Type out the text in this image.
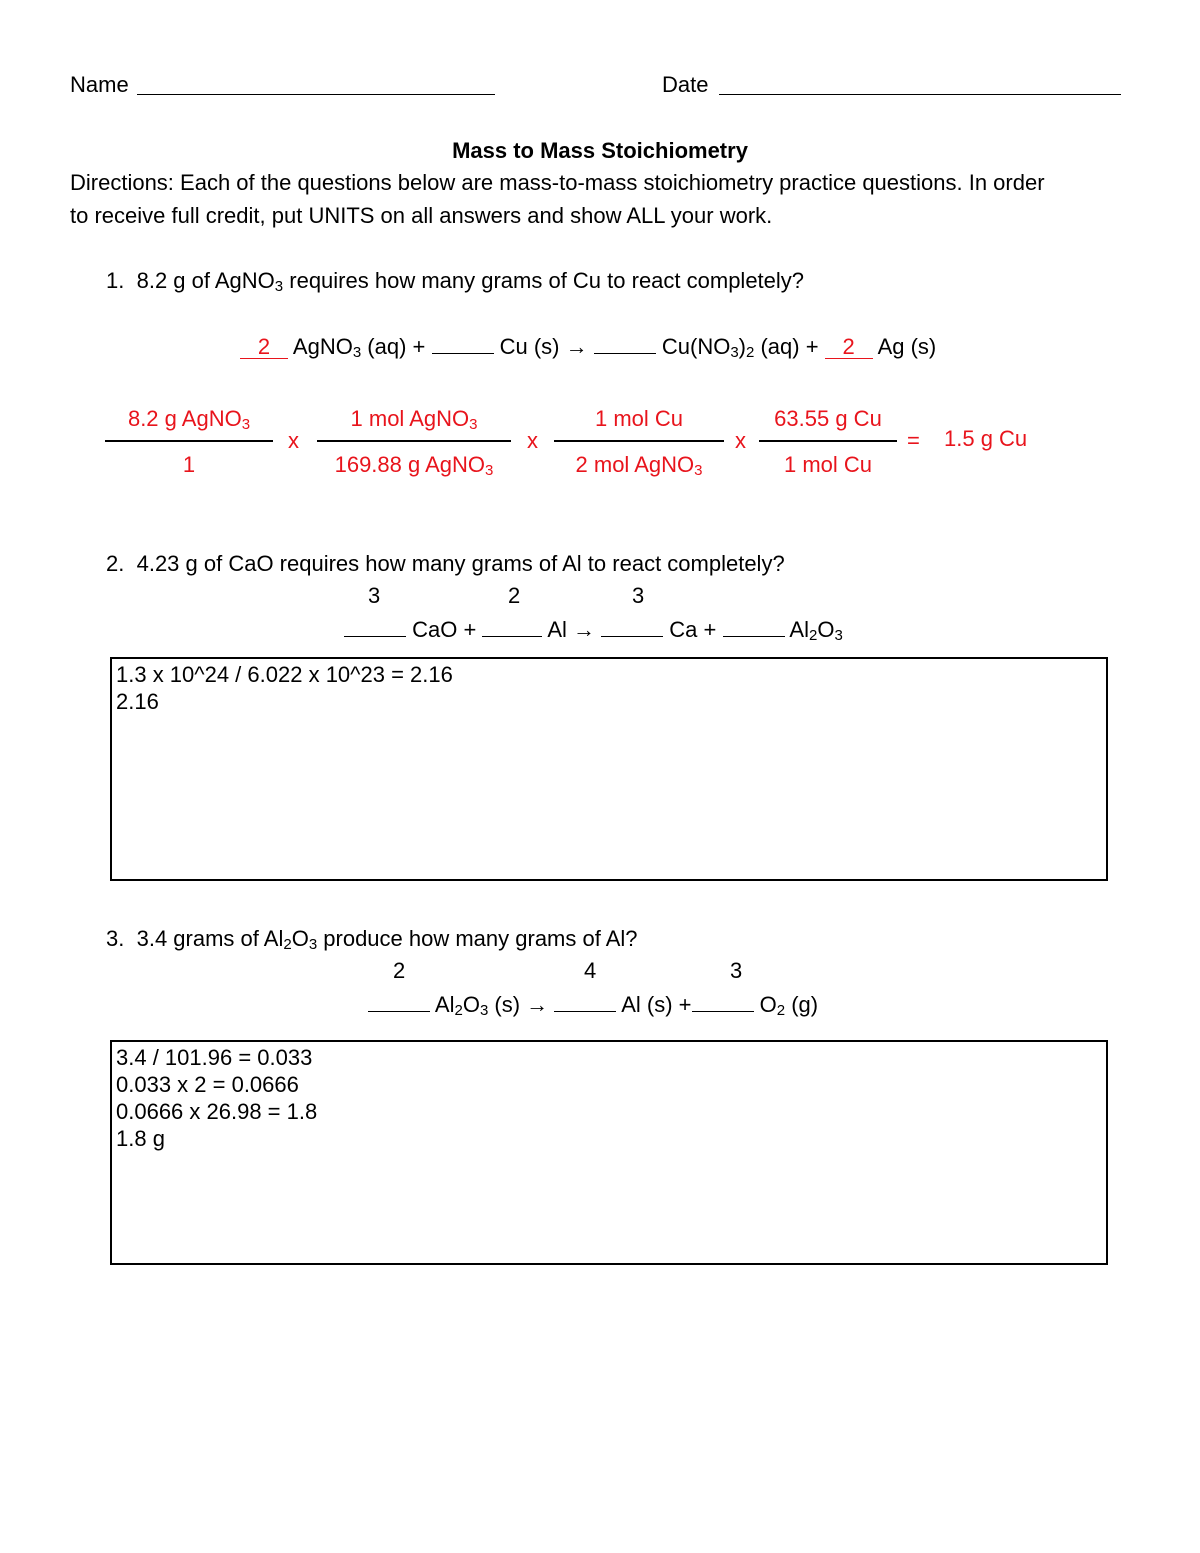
Name	Date
Mass to Mass Stoichiometry
Directions: Each of the questions below are mass-to-mass stoichiometry practice questions. In order
to receive full credit, put UNITS on all answers and show ALL your work.
1. 8.2 g of AgNO$_3$ requires how many grams of Cu to react completely?
2 AgNO$_3$ (aq) +	Cu (s) →	$Cu(NO_3)_2$ (aq) + 2 Ag (s)
8.2 g AgNO$_3$
1
x
1 mol AgNO$_3$
169.88 g AgNO$_3$
x
1 mol Cu
2 mol AgNO$_3$
x
63.55 g Cu
1 mol Cu
= 1.5 g Cu
2. 4.23 g of CaO requires how many grams of Al to react completely?
3	2	3
CaO +	Al →	Ca +	$Al_2O_3$
1.3 x 10^24 / 6.022 x 10^23 = 2.16
2.16
3. 3.4 grams of $Al_2O_3$ produce how many grams of Al?
2	4	3
$Al_2O_3$ (s) →	Al (s) +	$O_2$ (g)
3.4 / 101.96 = 0.033
0.033 x 2 = 0.0666
0.0666 x 26.98 = 1.8
1.8 g
